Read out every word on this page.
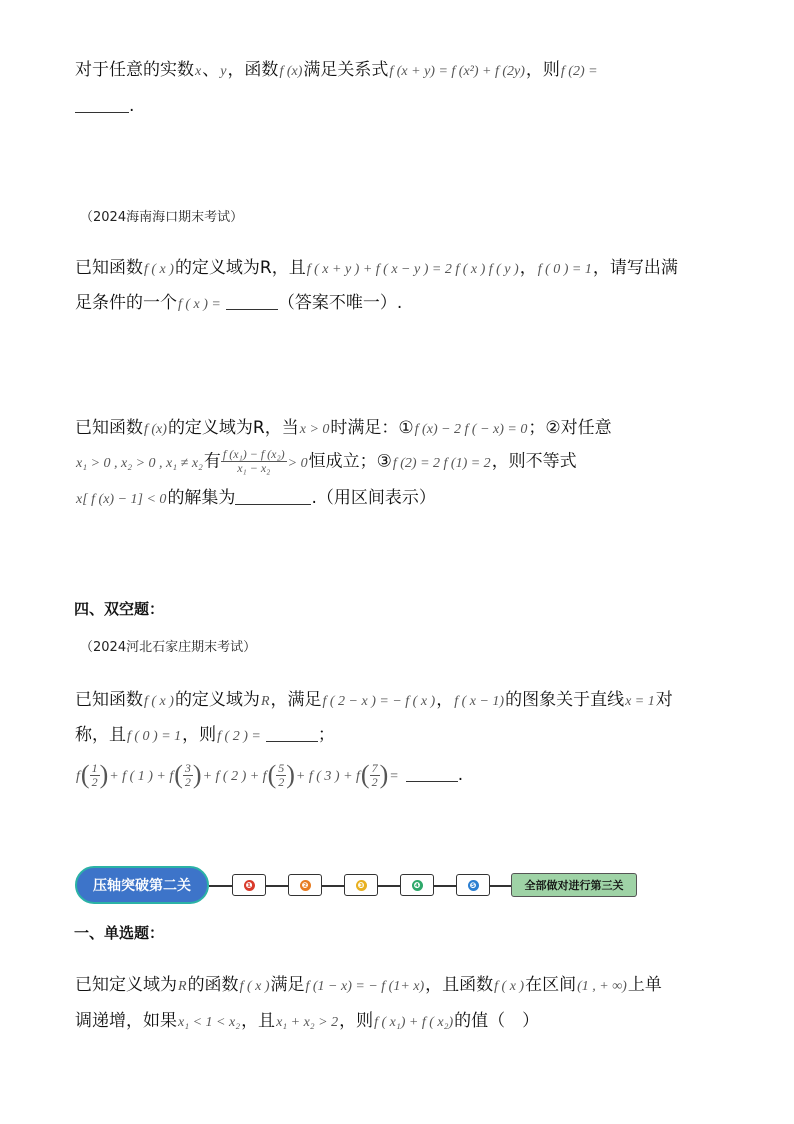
对于任意的实数x、y，函数f (x)满足关系式f (x + y) = f (x²) + f (2y)，则f (2) =
.
（2024海南海口期末考试）
已知函数f ( x )的定义域为R，且f ( x + y ) + f ( x − y ) = 2 f ( x ) f ( y )，f ( 0 ) = 1，请写出满
足条件的一个f ( x ) =	（答案不唯一）.
已知函数f (x)的定义域为R，当x > 0时满足：①f (x) − 2 f ( − x) = 0；②对任意
x₁ > 0 , x₂ > 0 , x₁ ≠ x₂有 $\frac{\text{f (x₁) − f (x₂)}}{\text{x₁ − x₂}} > 0$恒成立；③f (2) = 2 f (1) = 2，则不等式
x[ f (x) − 1] < 0的解集为	.（用区间表示）
四、双空题：
（2024河北石家庄期末考试）
已知函数f ( x )的定义域为R，满足f ( 2 − x ) = − f ( x )，f ( x − 1)的图象关于直线x = 1对
称，且f ( 0 ) = 1，则f ( 2 ) =	；
$f( \frac{1}{2}$ )+ f ( 1 ) + $f( \frac{3}{2}$ )+ f ( 2 ) + $f( \frac{5}{2}$ )+ f ( 3 ) + $f( \frac{7}{2}$ )=	.
压轴突破第二关	❶	❷	❸	❹	❺	全部做对进行第三关
一、单选题：
已知定义域为R的函数f ( x )满足f (1 − x) = − f (1+ x)，且函数f ( x )在区间(1 , + ∞)上单
调递增，如果x₁ < 1 < x₂，且x₁ + x₂ > 2，则f ( x₁) + f ( x₂)的值（　）
